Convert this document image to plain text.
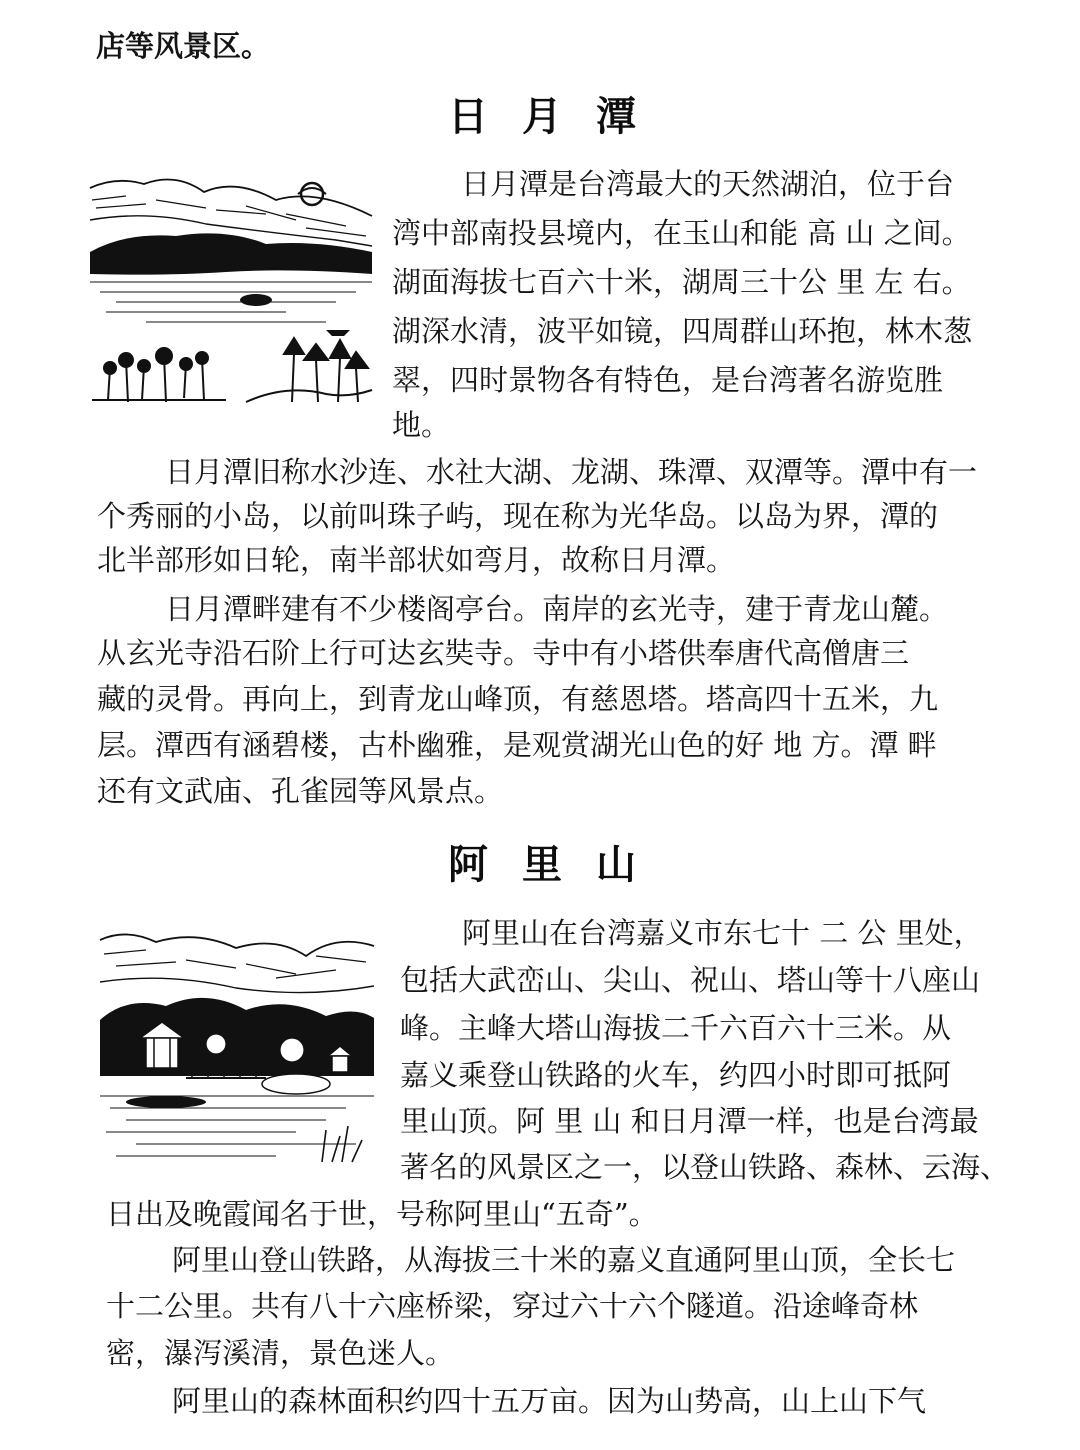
店等风景区。
日月潭
日月潭是台湾最大的天然湖泊，位于台
湾中部南投县境内，在玉山和能 高 山 之间。
湖面海拔七百六十米，湖周三十公 里 左 右。
湖深水清，波平如镜，四周群山环抱，林木葱
翠，四时景物各有特色，是台湾著名游览胜
地。
日月潭旧称水沙连、水社大湖、龙湖、珠潭、双潭等。潭中有一
个秀丽的小岛，以前叫珠子屿，现在称为光华岛。以岛为界，潭的
北半部形如日轮，南半部状如弯月，故称日月潭。
日月潭畔建有不少楼阁亭台。南岸的玄光寺，建于青龙山麓。
从玄光寺沿石阶上行可达玄奘寺。寺中有小塔供奉唐代高僧唐三
藏的灵骨。再向上，到青龙山峰顶，有慈恩塔。塔高四十五米，九
层。潭西有涵碧楼，古朴幽雅，是观赏湖光山色的好 地 方。潭 畔
还有文武庙、孔雀园等风景点。
阿里山
阿里山在台湾嘉义市东七十 二 公 里处，
包括大武峦山、尖山、祝山、塔山等十八座山
峰。主峰大塔山海拔二千六百六十三米。从
嘉义乘登山铁路的火车，约四小时即可抵阿
里山顶。阿 里 山 和日月潭一样，也是台湾最
著名的风景区之一，以登山铁路、森林、云海、
日出及晚霞闻名于世，号称阿里山“五奇”。
阿里山登山铁路，从海拔三十米的嘉义直通阿里山顶，全长七
十二公里。共有八十六座桥梁，穿过六十六个隧道。沿途峰奇林
密，瀑泻溪清，景色迷人。
阿里山的森林面积约四十五万亩。因为山势高，山上山下气
